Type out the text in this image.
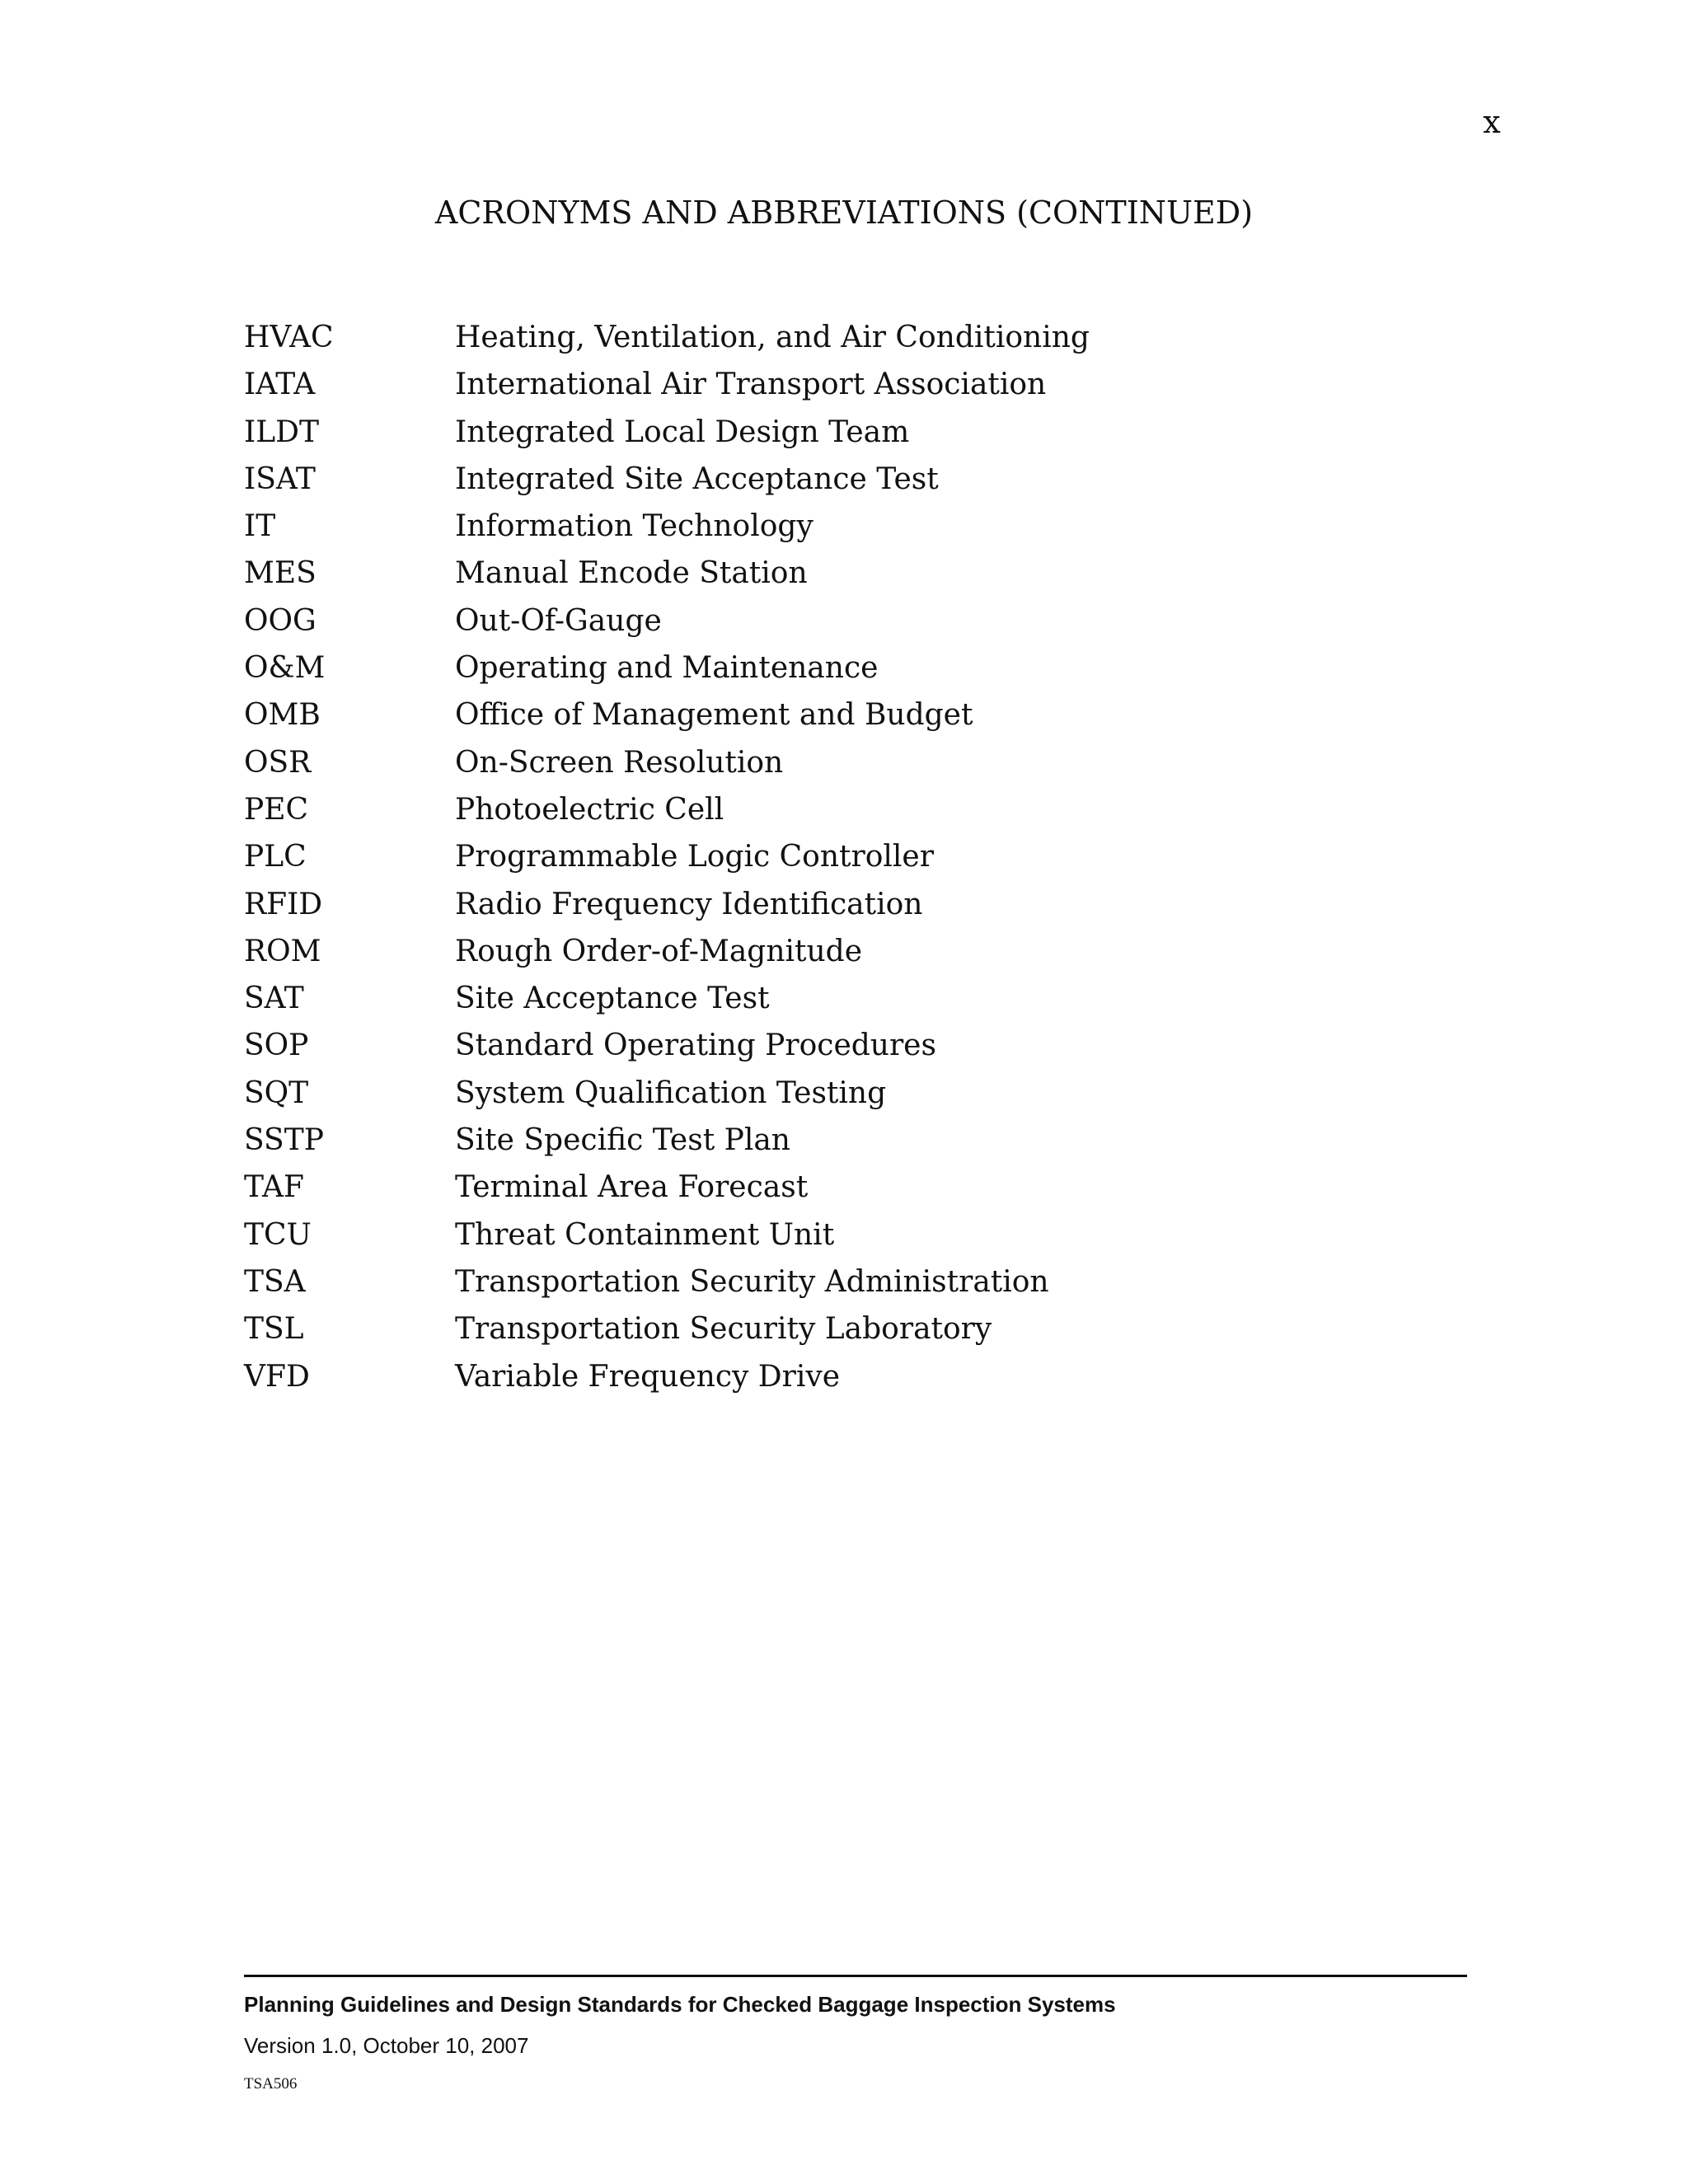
x
ACRONYMS AND ABBREVIATIONS (CONTINUED)
HVAC	Heating, Ventilation, and Air Conditioning
IATA	International Air Transport Association
ILDT	Integrated Local Design Team
ISAT	Integrated Site Acceptance Test
IT	Information Technology
MES	Manual Encode Station
OOG	Out-Of-Gauge
O&M	Operating and Maintenance
OMB	Office of Management and Budget
OSR	On-Screen Resolution
PEC	Photoelectric Cell
PLC	Programmable Logic Controller
RFID	Radio Frequency Identification
ROM	Rough Order-of-Magnitude
SAT	Site Acceptance Test
SOP	Standard Operating Procedures
SQT	System Qualification Testing
SSTP	Site Specific Test Plan
TAF	Terminal Area Forecast
TCU	Threat Containment Unit
TSA	Transportation Security Administration
TSL	Transportation Security Laboratory
VFD	Variable Frequency Drive
Planning Guidelines and Design Standards for Checked Baggage Inspection Systems
Version 1.0, October 10, 2007
TSA506
